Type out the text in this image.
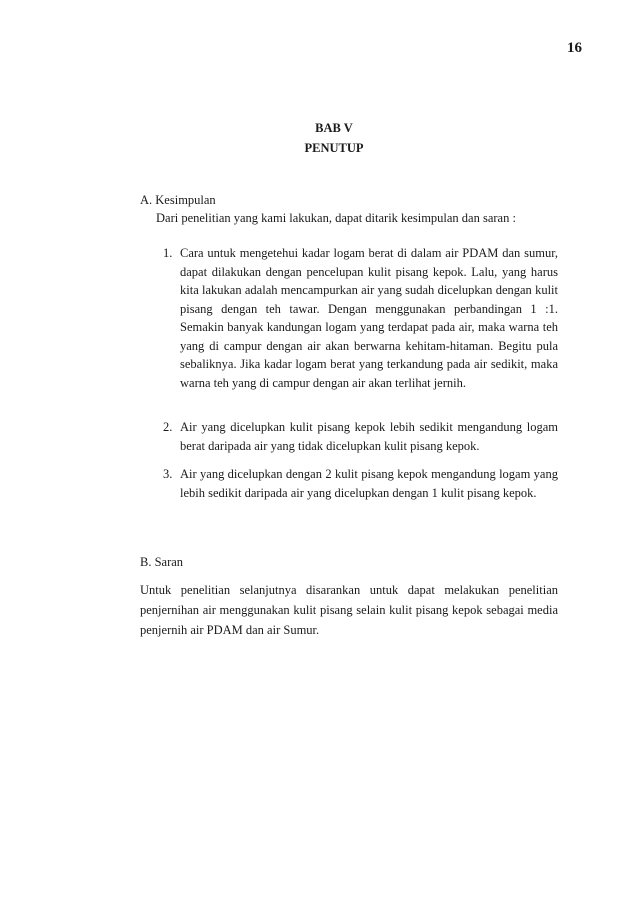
16
BAB V
PENUTUP
A. Kesimpulan
Dari penelitian yang kami lakukan, dapat ditarik kesimpulan dan saran :
1. Cara untuk mengetehui kadar logam berat di dalam air PDAM dan sumur, dapat dilakukan dengan pencelupan kulit pisang kepok. Lalu, yang harus kita lakukan adalah mencampurkan air yang sudah dicelupkan dengan kulit pisang dengan teh tawar. Dengan menggunakan perbandingan 1 :1. Semakin banyak kandungan logam yang terdapat pada air, maka warna teh yang di campur dengan air akan berwarna kehitam-hitaman. Begitu pula sebaliknya. Jika kadar logam berat yang terkandung pada air sedikit, maka warna teh yang di campur dengan air akan terlihat jernih.
2. Air yang dicelupkan kulit pisang kepok lebih sedikit mengandung logam berat daripada air yang tidak dicelupkan kulit pisang kepok.
3. Air yang dicelupkan dengan 2 kulit pisang kepok mengandung logam yang lebih sedikit daripada air yang dicelupkan dengan 1 kulit pisang kepok.
B. Saran

Untuk penelitian selanjutnya disarankan untuk dapat melakukan penelitian penjernihan air menggunakan kulit pisang selain kulit pisang kepok sebagai media penjernih air PDAM dan air Sumur.
